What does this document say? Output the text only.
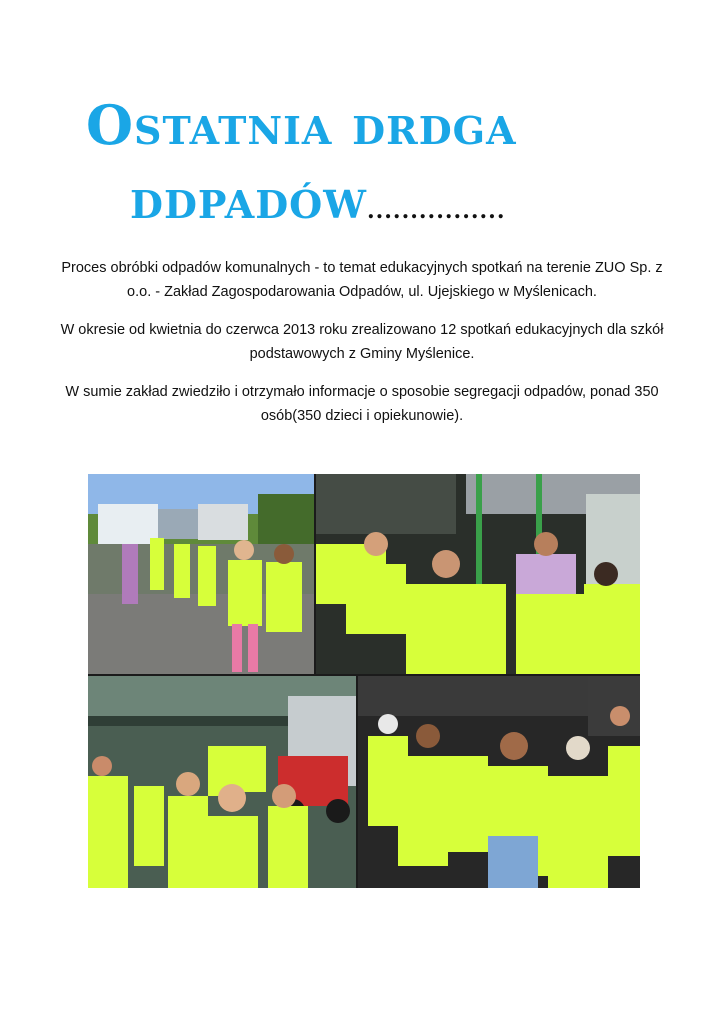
Ostatnia drdga
ddpadów................

Proces obróbki odpadów komunalnych - to temat edukacyjnych spotkań na terenie ZUO Sp. z o.o. - Zakład Zagospodarowania Odpadów, ul. Ujejskiego w Myślenicach.

W okresie od kwietnia do czerwca 2013 roku zrealizowano 12 spotkań edukacyjnych dla szkół podstawowych z Gminy Myślenice.

W sumie zakład zwiedziło i otrzymało informacje o sposobie segregacji odpadów, ponad 350 osób(350 dzieci i opiekunowie).
